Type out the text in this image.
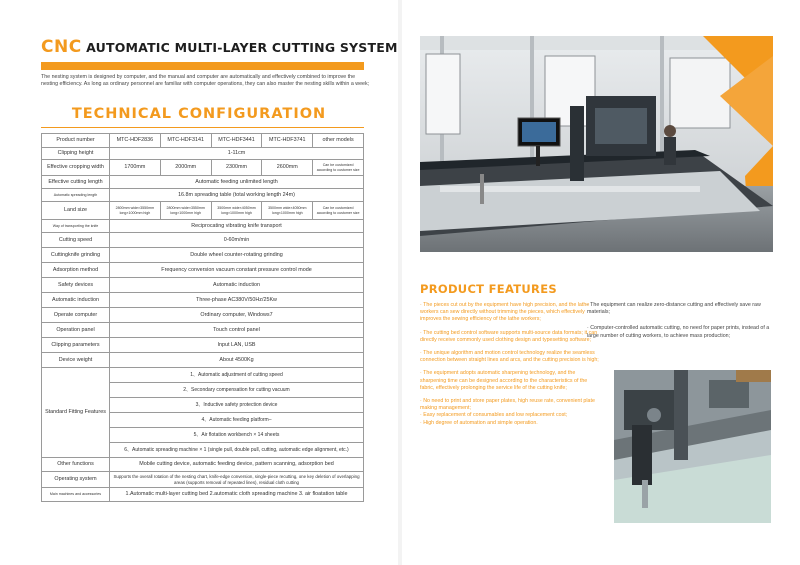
CNC AUTOMATIC MULTI-LAYER CUTTING SYSTEM

The nesting system is designed by computer, and the manual and computer are automatically and effectively combined to improve the nesting efficiency. As long as ordinary personnel are familiar with computer operations, they can also master the nesting skills within a week;

TECHNICAL CONFIGURATION
Product number	MTC-HDF2836	MTC-HDF3141	MTC-HDF3441	MTC-HDF3741	other models
Clipping height	1-11cm				
Effective cropping width	1700mm	2000mm	2300mm	2600mm	Can be customized according to customer size
Effective cutting length	Automatic feeding unlimited length				
Automatic spreading length	16.8m spreading table (total working length 24m)				
Land size	2800mm wide×3550mm long×1000mm high	2800mm wide×3550mm long×1000mm high	3500mm wide×4050mm long×1000mm high	3500mm wide×4050mm long×1000mm high	Can be customized according to customer size
Way of transporting the knife	Reciprocating vibrating knife transport				
Cutting speed	0-60m/min				
Cuttingknife grinding	Double wheel counter-rotating grinding				
Adsorption method	Frequency conversion vacuum constant pressure control mode				
Safety devices	Automatic induction				
Automatic induction	Three-phase AC380V/50Hz/25Kw				
Operate computer	Ordinary computer, Windows7				
Operation panel	Touch control panel				
Clipping parameters	Input LAN, USB				
Device weight	About 4500Kg				
Standard Fitting Features	1、Automatic adjustment of cutting speed				
	2、Secondary compensation for cutting vacuum				
	3、Inductive safety protection device				
	4、Automatic feeding platform–				
	5、Air flotation workbench × 14 sheets				
	6、Automatic spreading machine × 1 (single pull, double pull, cutting, automatic edge alignment, etc.)				
Other functions	Mobile cutting device, automatic feeding device, pattern scanning, adsorption bed				
Operating system	Supports the overall rotation of the nesting chart, knife-edge conversion, single-piece recutting, one key deletion of overlapping areas (supports removal of repeated lines), residual cloth cutting				
Main machines and accessories	1.Automatic multi-layer cutting bed 2.automatic cloth spreading machine 3. air floatation table				
PRODUCT FEATURES

· The pieces cut out by the equipment have high precision, and the lathe workers can sew directly without trimming the pieces, which effectively improves the sewing efficiency of the lathe workers;

· The cutting bed control software supports multi-source data formats; it can directly receive commonly used clothing design and typesetting software;

· The unique algorithm and motion control technology realize the seamless connection between straight lines and arcs, and the cutting precision is high;

· The equipment adopts automatic sharpening technology, and the sharpening time can be designed according to the characteristics of the fabric, effectively prolonging the service life of the cutting knife;

· No need to print and store paper plates, high reuse rate, convenient plate making management;
· Easy replacement of consumables and low replacement cost;
· High degree of automation and simple operation.

· The equipment can realize zero-distance cutting and effectively save raw materials;

· Computer-controlled automatic cutting, no need for paper prints, instead of a large number of cutting workers, to achieve mass production;
